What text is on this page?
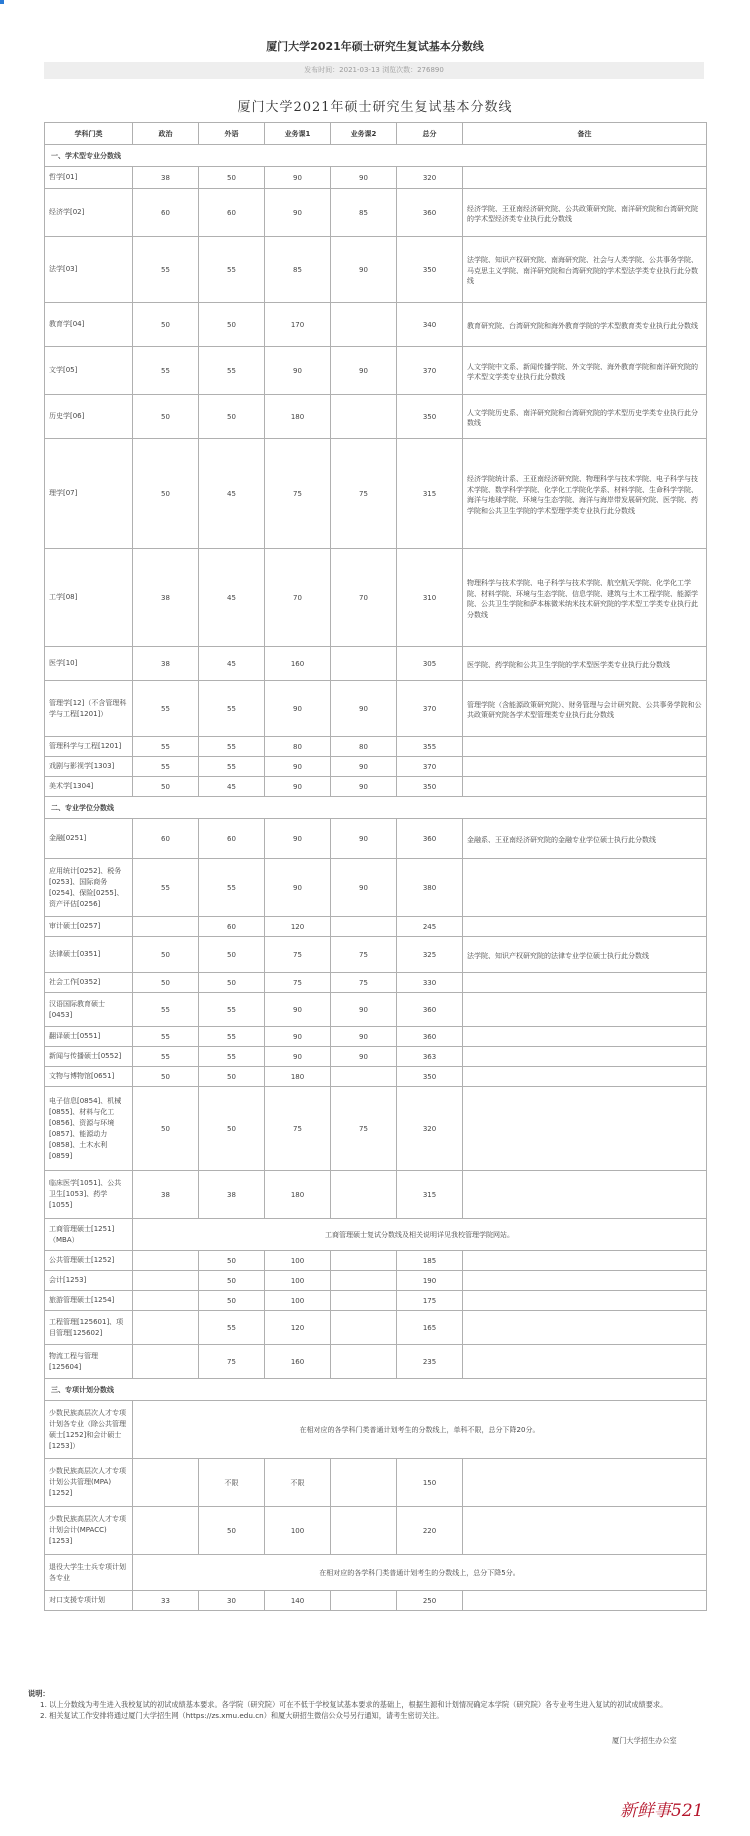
厦门大学2021年硕士研究生复试基本分数线
发布时间：2021-03-13 浏览次数：276890
厦门大学2021年硕士研究生复试基本分数线
学科门类	政治	外语	业务课1	业务课2	总分	备注
一、学术型专业分数线						
哲学[01]	38	50	90	90	320	
经济学[02]	60	60	90	85	360	经济学院、王亚南经济研究院、公共政策研究院、南洋研究院和台湾研究院的学术型经济类专业执行此分数线
法学[03]	55	55	85	90	350	法学院、知识产权研究院、南海研究院、社会与人类学院、公共事务学院、马克思主义学院、南洋研究院和台湾研究院的学术型法学类专业执行此分数线
教育学[04]	50	50	170		340	教育研究院、台湾研究院和海外教育学院的学术型教育类专业执行此分数线
文学[05]	55	55	90	90	370	人文学院中文系、新闻传播学院、外文学院、海外教育学院和南洋研究院的学术型文学类专业执行此分数线
历史学[06]	50	50	180		350	人文学院历史系、南洋研究院和台湾研究院的学术型历史学类专业执行此分数线
理学[07]	50	45	75	75	315	经济学院统计系、王亚南经济研究院、物理科学与技术学院、电子科学与技术学院、数学科学学院、化学化工学院化学系、材料学院、生命科学学院、海洋与地球学院、环境与生态学院、海洋与海岸带发展研究院、医学院、药学院和公共卫生学院的学术型理学类专业执行此分数线
工学[08]	38	45	70	70	310	物理科学与技术学院、电子科学与技术学院、航空航天学院、化学化工学院、材料学院、环境与生态学院、信息学院、建筑与土木工程学院、能源学院、公共卫生学院和萨本栋微米纳米技术研究院的学术型工学类专业执行此分数线
医学[10]	38	45	160		305	医学院、药学院和公共卫生学院的学术型医学类专业执行此分数线
管理学[12]（不含管理科学与工程[1201]）	55	55	90	90	370	管理学院（含能源政策研究院）、财务管理与会计研究院、公共事务学院和公共政策研究院各学术型管理类专业执行此分数线
管理科学与工程[1201]	55	55	80	80	355	
戏剧与影视学[1303]	55	55	90	90	370	
美术学[1304]	50	45	90	90	350	
二、专业学位分数线						
金融[0251]	60	60	90	90	360	金融系、王亚南经济研究院的金融专业学位硕士执行此分数线
应用统计[0252]、税务[0253]、国际商务[0254]、保险[0255]、资产评估[0256]	55	55	90	90	380	
审计硕士[0257]		60	120		245	
法律硕士[0351]	50	50	75	75	325	法学院、知识产权研究院的法律专业学位硕士执行此分数线
社会工作[0352]	50	50	75	75	330	
汉语国际教育硕士[0453]	55	55	90	90	360	
翻译硕士[0551]	55	55	90	90	360	
新闻与传播硕士[0552]	55	55	90	90	363	
文物与博物馆[0651]	50	50	180		350	
电子信息[0854]、机械[0855]、材料与化工[0856]、资源与环境[0857]、能源动力[0858]、土木水利[0859]	50	50	75	75	320	
临床医学[1051]、公共卫生[1053]、药学[1055]	38	38	180		315	
工商管理硕士[1251]（MBA）	工商管理硕士复试分数线及相关说明详见我校管理学院网站。					
公共管理硕士[1252]		50	100		185	
会计[1253]		50	100		190	
旅游管理硕士[1254]		50	100		175	
工程管理[125601]、项目管理[125602]		55	120		165	
物流工程与管理[125604]		75	160		235	
三、专项计划分数线						
少数民族高层次人才专项计划各专业（除公共管理硕士[1252]和会计硕士[1253]）	在相对应的各学科门类普通计划考生的分数线上，单科不限，总分下降20分。					
少数民族高层次人才专项计划公共管理(MPA)[1252]		不限	不限		150	
少数民族高层次人才专项计划会计(MPACC)[1253]		50	100		220	
退役大学生士兵专项计划各专业	在相对应的各学科门类普通计划考生的分数线上，总分下降5分。					
对口支援专项计划	33	30	140		250	
说明：

1. 以上分数线为考生进入我校复试的初试成绩基本要求。各学院（研究院）可在不低于学校复试基本要求的基础上，根据生源和计划情况确定本学院（研究院）各专业考生进入复试的初试成绩要求。

2. 相关复试工作安排将通过厦门大学招生网（https://zs.xmu.edu.cn）和厦大研招生微信公众号另行通知，请考生密切关注。

厦门大学招生办公室
新鲜事521
